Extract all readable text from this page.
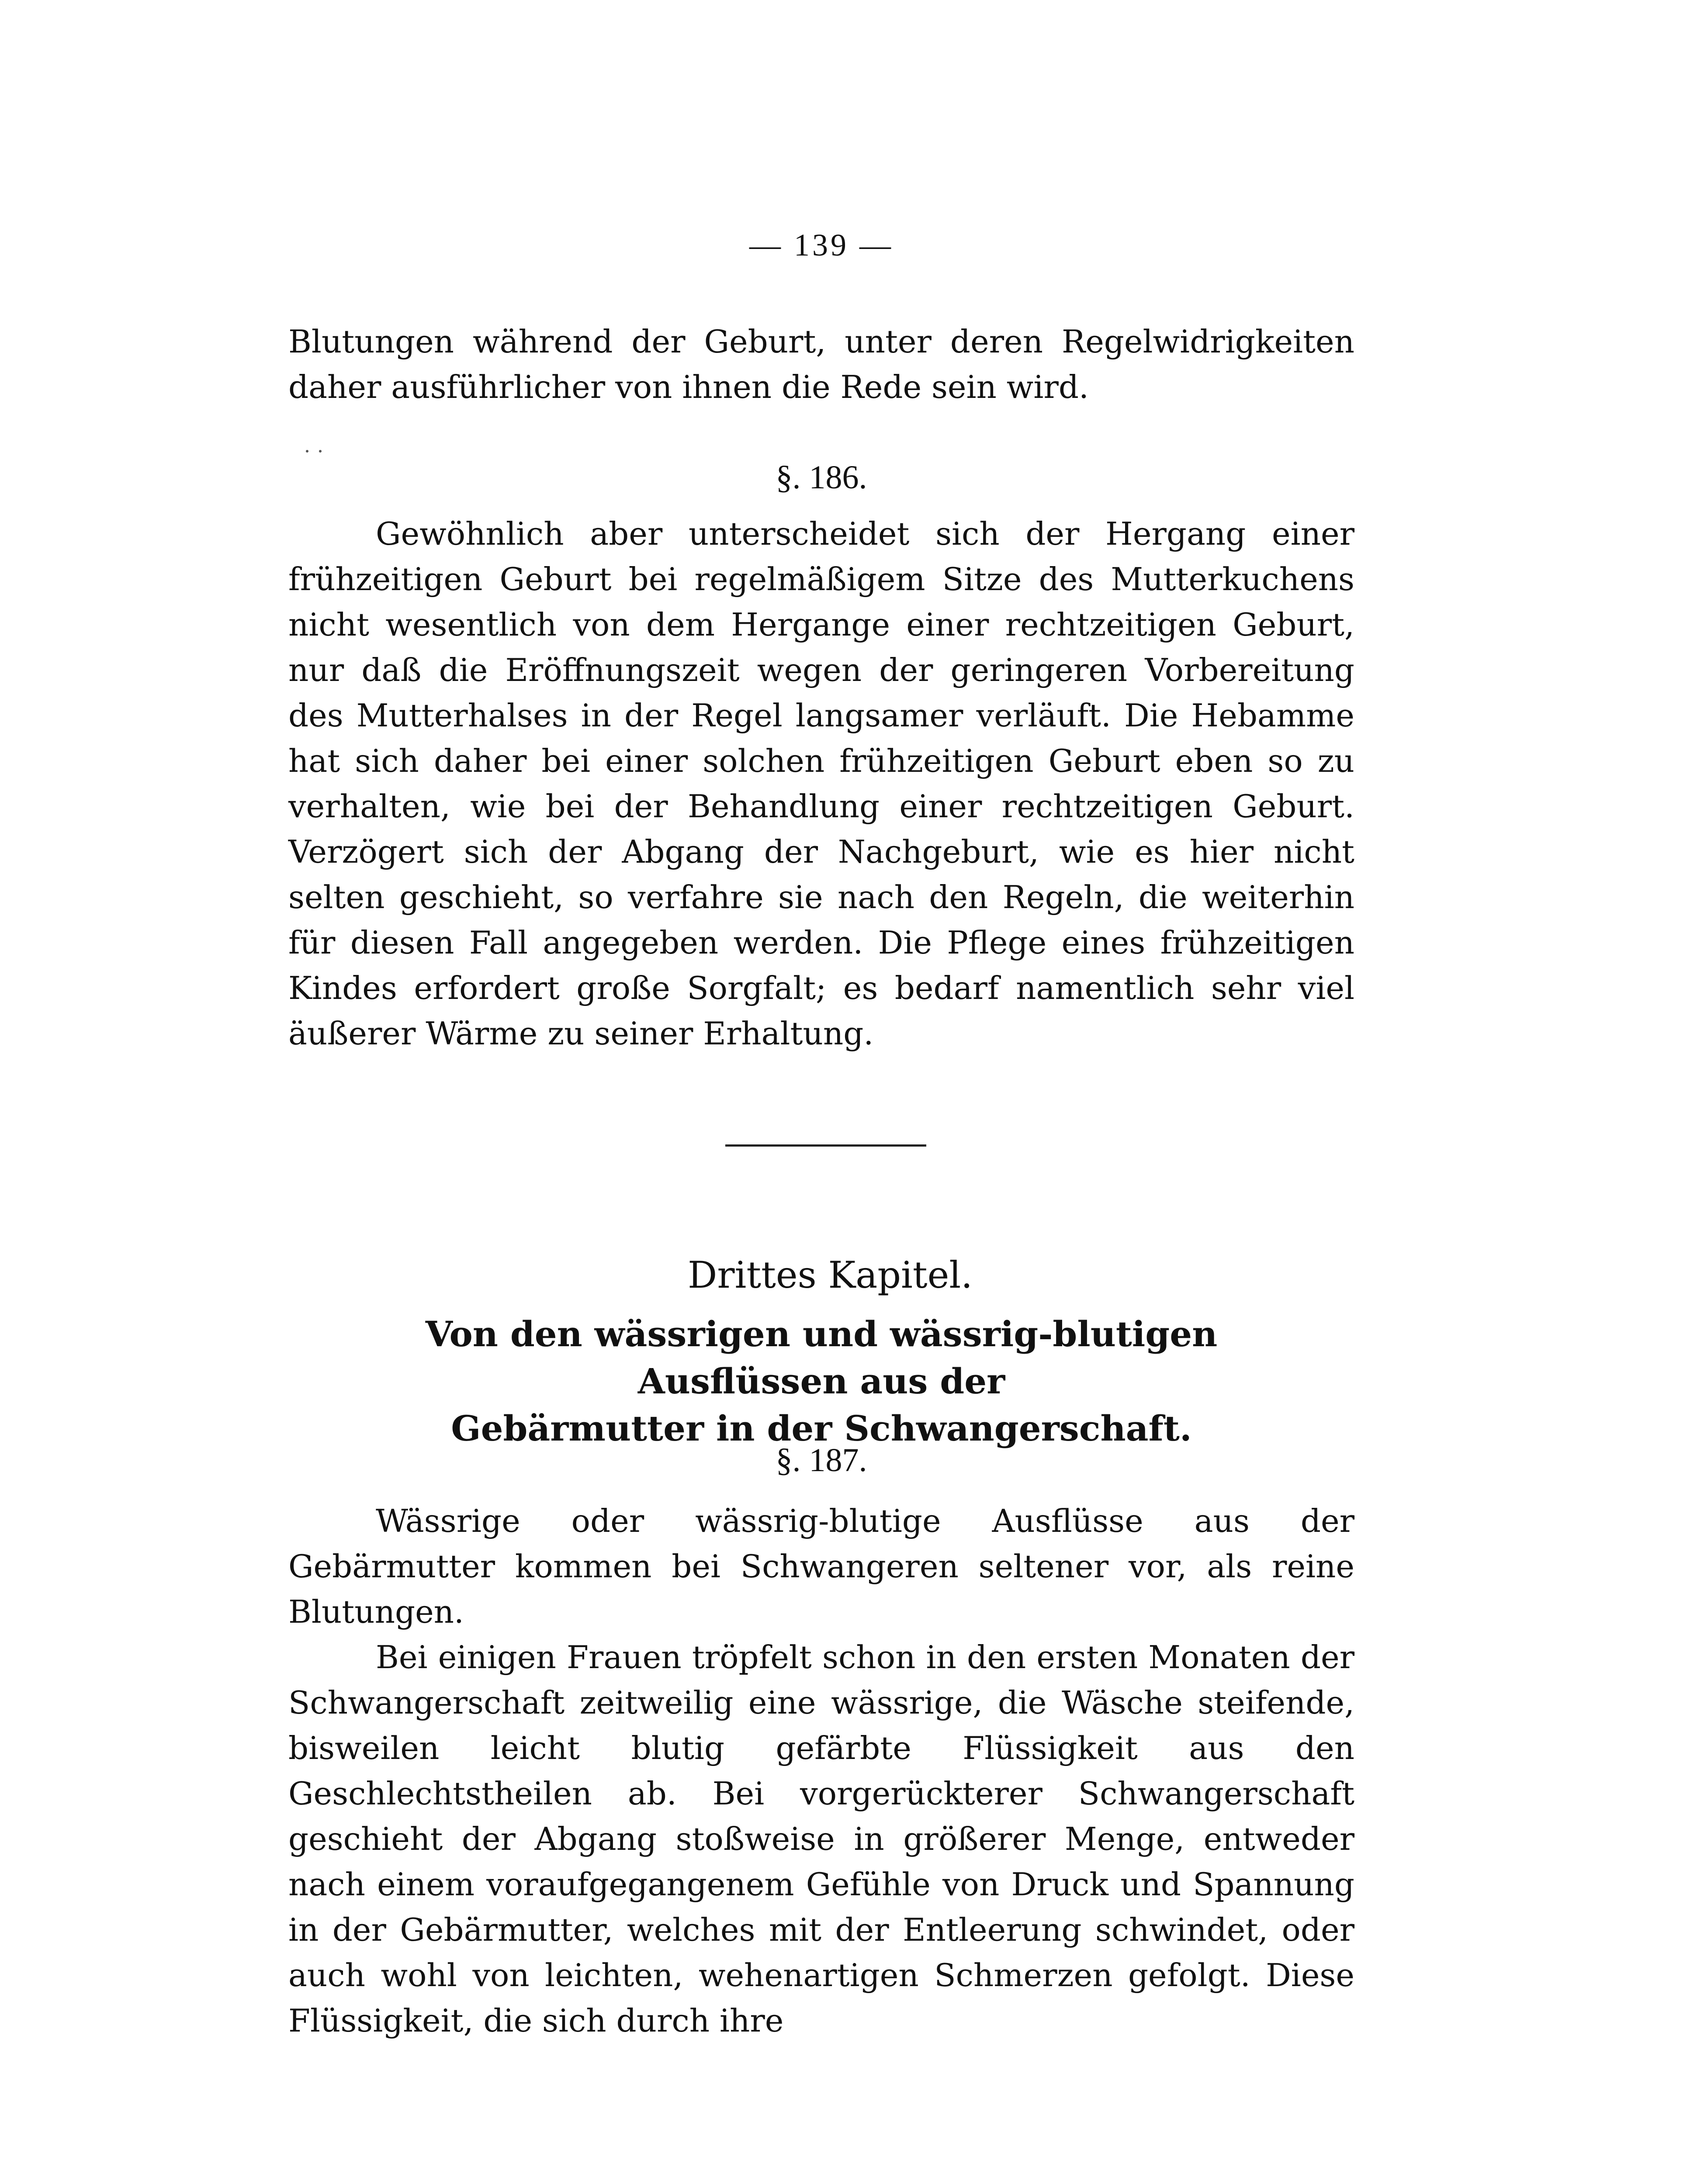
— 139 —

Blutungen während der Geburt, unter deren Regelwidrigkeiten daher ausführlicher von ihnen die Rede sein wird.

§. 186.

Gewöhnlich aber unterscheidet sich der Hergang einer frühzeitigen Geburt bei regelmäßigem Sitze des Mutterkuchens nicht wesentlich von dem Hergange einer rechtzeitigen Geburt, nur daß die Eröffnungszeit wegen der geringeren Vorbereitung des Mutterhalses in der Regel langsamer verläuft. Die Hebamme hat sich daher bei einer solchen frühzeitigen Geburt eben so zu verhalten, wie bei der Behandlung einer rechtzeitigen Geburt. Verzögert sich der Abgang der Nachgeburt, wie es hier nicht selten geschieht, so verfahre sie nach den Regeln, die weiterhin für diesen Fall angegeben werden. Die Pflege eines frühzeitigen Kindes erfordert große Sorgfalt; es bedarf namentlich sehr viel äußerer Wärme zu seiner Erhaltung.

Drittes Kapitel.
Von den wässrigen und wässrig-blutigen Ausflüssen aus der
Gebärmutter in der Schwangerschaft.
§. 187.

Wässrige oder wässrig-blutige Ausflüsse aus der Gebärmutter kommen bei Schwangeren seltener vor, als reine Blutungen.

Bei einigen Frauen tröpfelt schon in den ersten Monaten der Schwangerschaft zeitweilig eine wässrige, die Wäsche steifende, bisweilen leicht blutig gefärbte Flüssigkeit aus den Geschlechtstheilen ab. Bei vorgerückterer Schwangerschaft geschieht der Abgang stoßweise in größerer Menge, entweder nach einem voraufgegangenem Gefühle von Druck und Spannung in der Gebärmutter, welches mit der Entleerung schwindet, oder auch wohl von leichten, wehenartigen Schmerzen gefolgt. Diese Flüssigkeit, die sich durch ihre
